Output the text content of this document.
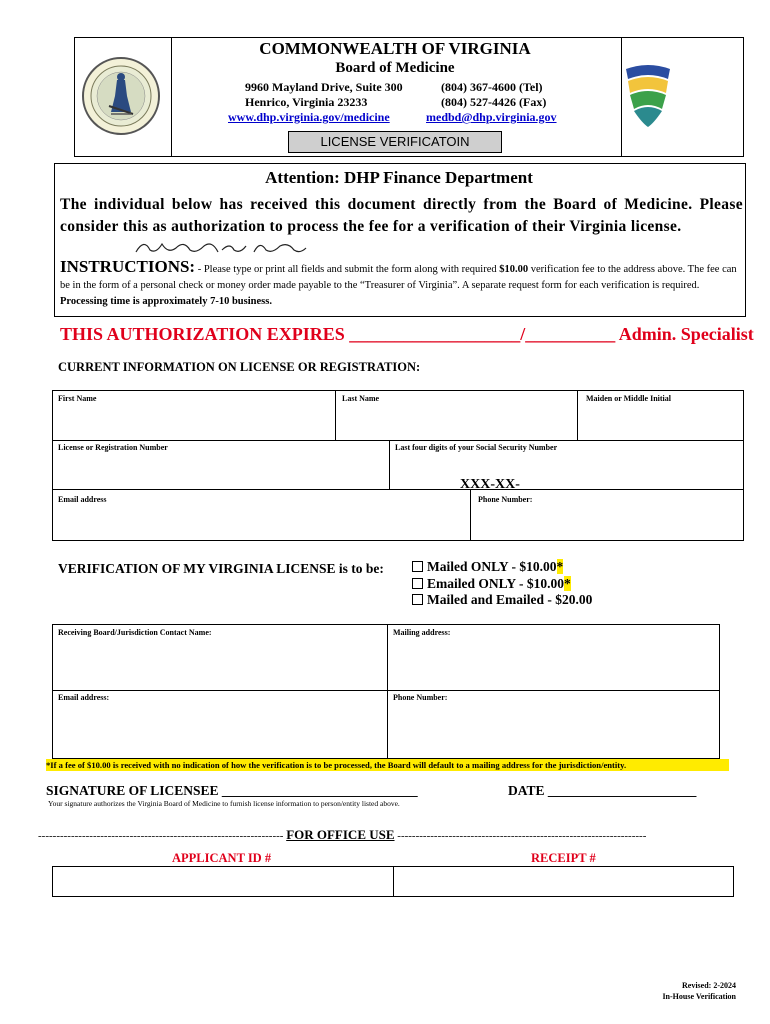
COMMONWEALTH OF VIRGINIA
Board of Medicine
9960 Mayland Drive, Suite 300
Henrico, Virginia 23233
www.dhp.virginia.gov/medicine
(804) 367-4600 (Tel)
(804) 527-4426 (Fax)
medbd@dhp.virginia.gov
LICENSE VERIFICATOIN
Attention: DHP Finance Department
The individual below has received this document directly from the Board of Medicine. Please consider this as authorization to process the fee for a verification of their Virginia license.
INSTRUCTIONS: - Please type or print all fields and submit the form along with required $10.00 verification fee to the address above. The fee can be in the form of a personal check or money order made payable to the “Treasurer of Virginia”. A separate request form for each verification is required. Processing time is approximately 7-10 business.
THIS AUTHORIZATION EXPIRES ___________________/__________ Admin. Specialist
CURRENT INFORMATION ON LICENSE OR REGISTRATION:
First Name	Last Name	Maiden or Middle Initial
License or Registration Number	Last four digits of your Social Security Number
XXX-XX-
Email address	Phone Number:
VERIFICATION OF MY VIRGINIA LICENSE is to be:	Mailed ONLY - $10.00*
Emailed ONLY - $10.00*
Mailed and Emailed - $20.00
Receiving Board/Jurisdiction Contact Name:	Mailing address:
Email address:	Phone Number:
*If a fee of $10.00 is received with no indication of how the verification is to be processed, the Board will default to a mailing address for the jurisdiction/entity.
SIGNATURE OF LICENSEE _____________________________	DATE ______________________
Your signature authorizes the Virginia Board of Medicine to furnish license information to person/entity listed above.
------------------------------------------------------------------- FOR OFFICE USE --------------------------------------------------------------------
APPLICANT ID #	RECEIPT #
Revised: 2-2024
In-House Verification
